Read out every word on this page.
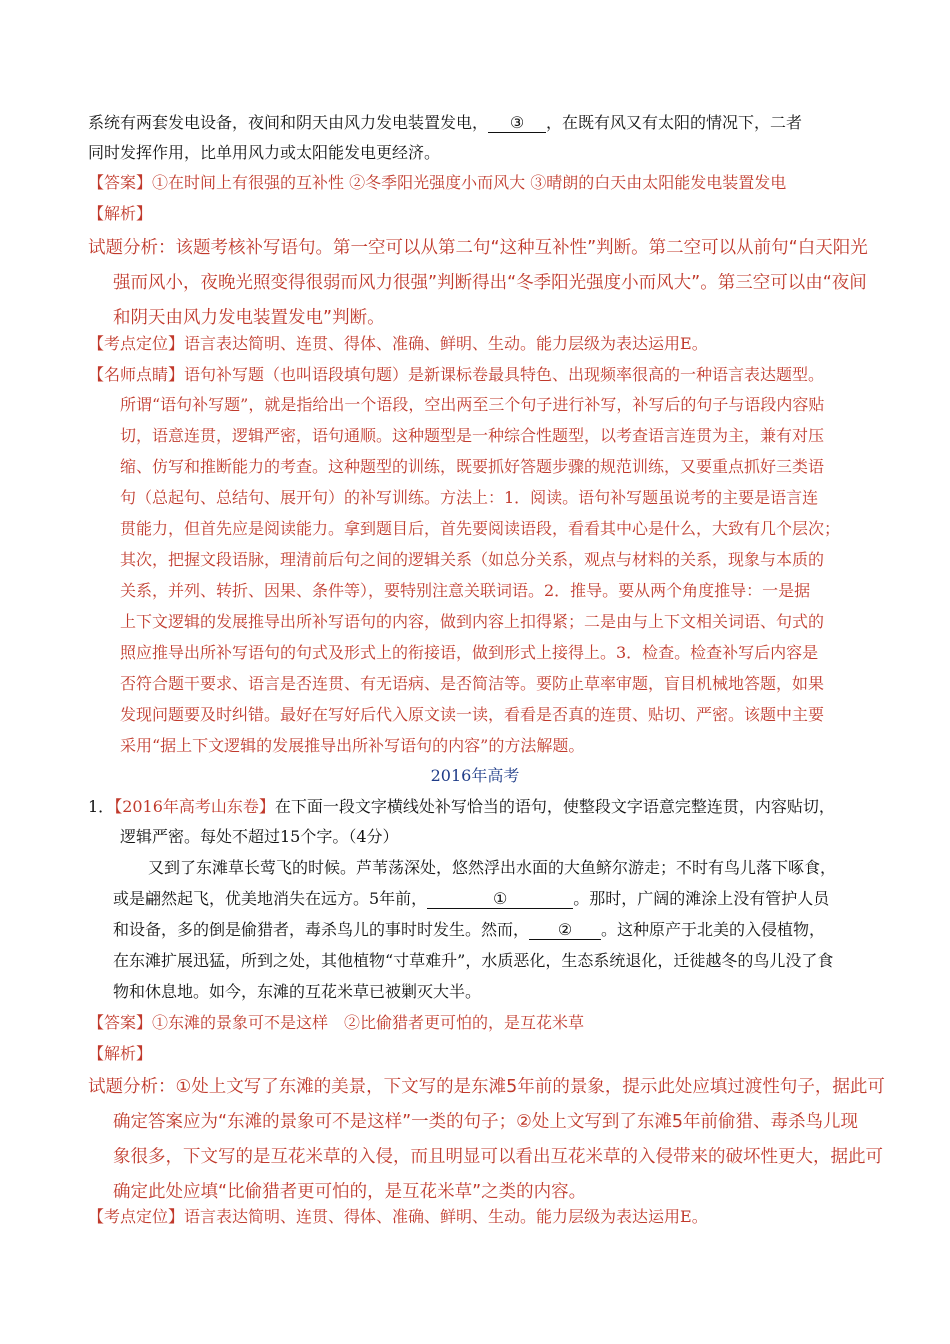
系统有两套发电设备，夜间和阴天由风力发电装置发电， ③ ，在既有风又有太阳的情况下，二者
同时发挥作用，比单用风力或太阳能发电更经济。
【答案】①在时间上有很强的互补性 ②冬季阳光强度小而风大 ③晴朗的白天由太阳能发电装置发电
【解析】
试题分析：该题考核补写语句。第一空可以从第二句“这种互补性”判断。第二空可以从前句“白天阳光
强而风小，夜晚光照变得很弱而风力很强”判断得出“冬季阳光强度小而风大”。第三空可以由“夜间
和阴天由风力发电装置发电”判断。
【考点定位】语言表达简明、连贯、得体、准确、鲜明、生动。能力层级为表达运用E。
【名师点睛】语句补写题（也叫语段填句题）是新课标卷最具特色、出现频率很高的一种语言表达题型。
所谓“语句补写题”，就是指给出一个语段，空出两至三个句子进行补写，补写后的句子与语段内容贴
切，语意连贯，逻辑严密，语句通顺。这种题型是一种综合性题型，以考查语言连贯为主，兼有对压
缩、仿写和推断能力的考查。这种题型的训练，既要抓好答题步骤的规范训练，又要重点抓好三类语
句（总起句、总结句、展开句）的补写训练。方法上：1．阅读。语句补写题虽说考的主要是语言连
贯能力，但首先应是阅读能力。拿到题目后，首先要阅读语段，看看其中心是什么，大致有几个层次；
其次，把握文段语脉，理清前后句之间的逻辑关系（如总分关系，观点与材料的关系，现象与本质的
关系，并列、转折、因果、条件等），要特别注意关联词语。2．推导。要从两个角度推导：一是据
上下文逻辑的发展推导出所补写语句的内容，做到内容上扣得紧；二是由与上下文相关词语、句式的
照应推导出所补写语句的句式及形式上的衔接语，做到形式上接得上。3．检查。检查补写后内容是
否符合题干要求、语言是否连贯、有无语病、是否简洁等。要防止草率审题，盲目机械地答题，如果
发现问题要及时纠错。最好在写好后代入原文读一读，看看是否真的连贯、贴切、严密。该题中主要
采用“据上下文逻辑的发展推导出所补写语句的内容”的方法解题。
2016年高考
1．【2016年高考山东卷】在下面一段文字横线处补写恰当的语句，使整段文字语意完整连贯，内容贴切，
逻辑严密。每处不超过15个字。（4分）
又到了东滩草长莺飞的时候。芦苇荡深处，悠然浮出水面的大鱼鲚尔游走；不时有鸟儿落下啄食，
或是翩然起飞，优美地消失在远方。5年前，	①	。那时，广阔的滩涂上没有管护人员
和设备，多的倒是偷猎者，毒杀鸟儿的事时时发生。然而， ② 。这种原产于北美的入侵植物，
在东滩扩展迅猛，所到之处，其他植物“寸草难升”，水质恶化，生态系统退化，迁徙越冬的鸟儿没了食
物和休息地。如今，东滩的互花米草已被剿灭大半。
【答案】①东滩的景象可不是这样　②比偷猎者更可怕的，是互花米草
【解析】
试题分析：①处上文写了东滩的美景，下文写的是东滩5年前的景象，提示此处应填过渡性句子，据此可
确定答案应为“东滩的景象可不是这样”一类的句子；②处上文写到了东滩5年前偷猎、毒杀鸟儿现
象很多，下文写的是互花米草的入侵，而且明显可以看出互花米草的入侵带来的破坏性更大，据此可
确定此处应填“比偷猎者更可怕的，是互花米草”之类的内容。
【考点定位】语言表达简明、连贯、得体、准确、鲜明、生动。能力层级为表达运用E。
